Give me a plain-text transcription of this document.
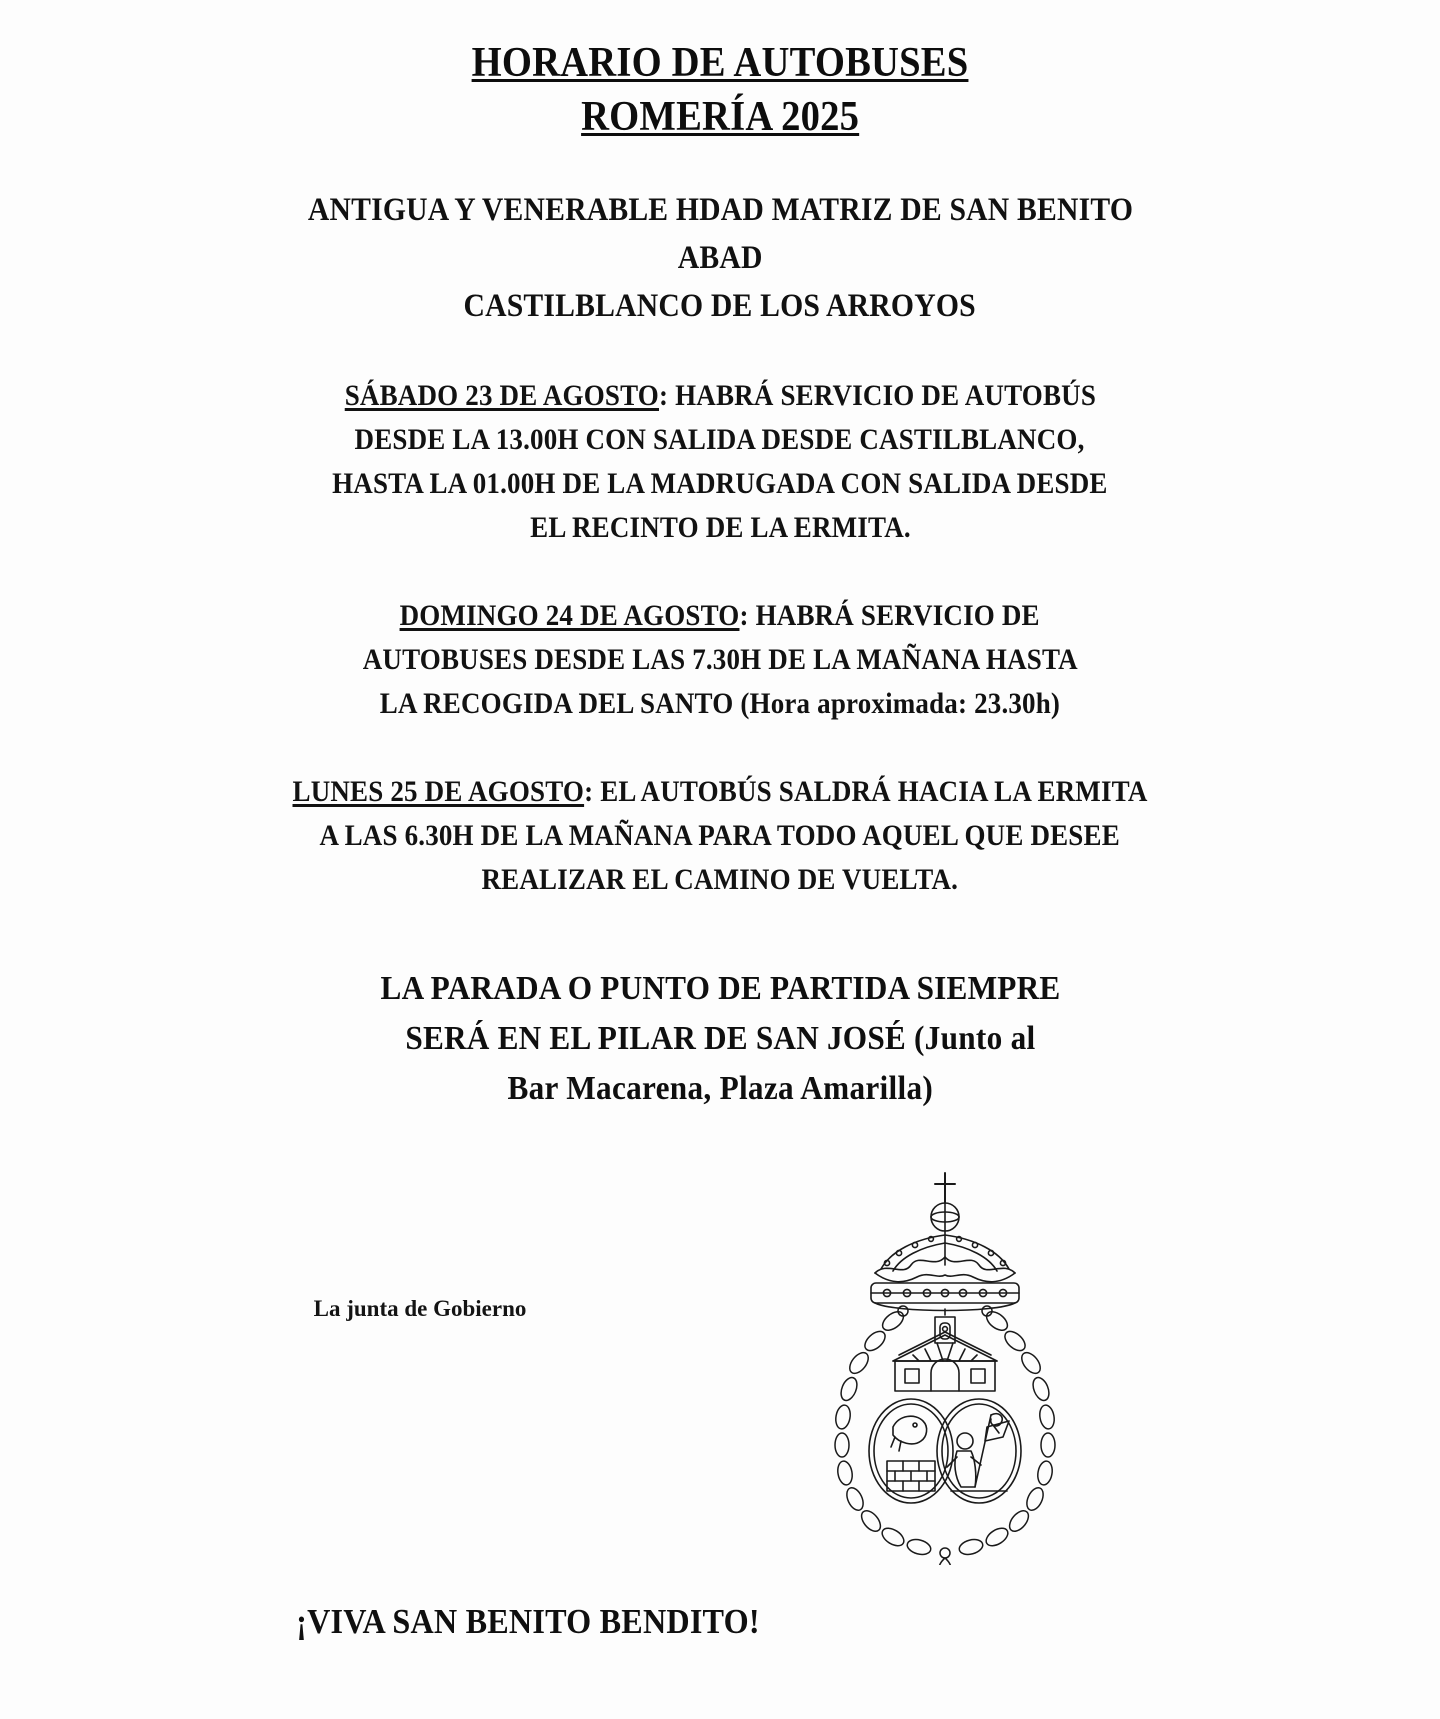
HORARIO DE AUTOBUSES
ROMERÍA 2025
ANTIGUA Y VENERABLE HDAD MATRIZ DE SAN BENITO
ABAD
CASTILBLANCO DE LOS ARROYOS
SÁBADO 23 DE AGOSTO: HABRÁ SERVICIO DE AUTOBÚS
DESDE LA 13.00H CON SALIDA DESDE CASTILBLANCO,
HASTA LA 01.00H DE LA MADRUGADA CON SALIDA DESDE
EL RECINTO DE LA ERMITA.
DOMINGO 24 DE AGOSTO: HABRÁ SERVICIO DE
AUTOBUSES DESDE LAS 7.30H DE LA MAÑANA HASTA
LA RECOGIDA DEL SANTO (Hora aproximada: 23.30h)
LUNES 25 DE AGOSTO: EL AUTOBÚS SALDRÁ HACIA LA ERMITA
A LAS 6.30H DE LA MAÑANA PARA TODO AQUEL QUE DESEE
REALIZAR EL CAMINO DE VUELTA.
LA PARADA O PUNTO DE PARTIDA SIEMPRE
SERÁ EN EL PILAR DE SAN JOSÉ (Junto al
Bar Macarena, Plaza Amarilla)
La junta de Gobierno
¡VIVA SAN BENITO BENDITO!
